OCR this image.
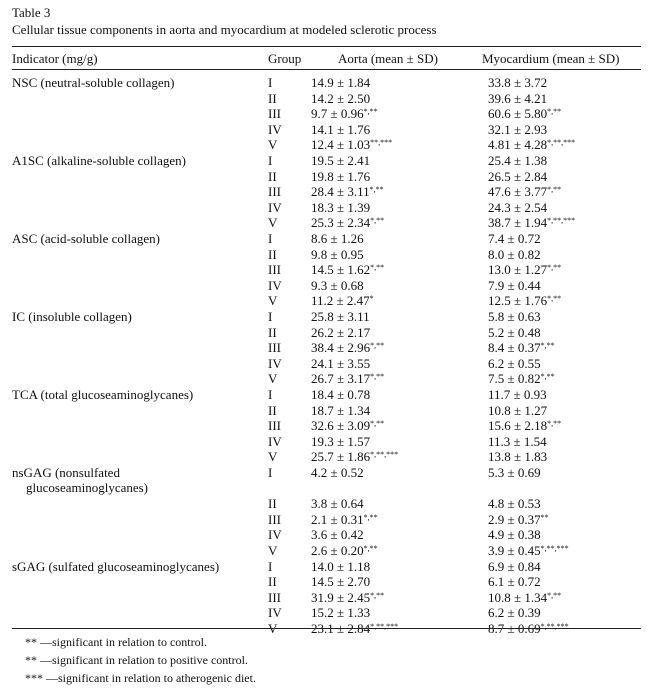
Table 3
Cellular tissue components in aorta and myocardium at modeled sclerotic process
Indicator (mg/g)	Group	Aorta (mean ± SD)	Myocardium (mean ± SD)
NSC (neutral-soluble collagen)	I	14.9 ± 1.84	33.8 ± 3.72
II	14.2 ± 2.50	39.6 ± 4.21
III 9.7 ± 0.96*,**	60.6 ± 5.80*,**
IV 14.1 ± 1.76	32.1 ± 2.93
V	12.4 ± 1.03**,***	4.81 ± 4.28*,**,***
A1SC (alkaline-soluble collagen)	I	19.5 ± 2.41	25.4 ± 1.38
II	19.8 ± 1.76	26.5 ± 2.84
III 28.4 ± 3.11*,**	47.6 ± 3.77*,**
IV 18.3 ± 1.39	24.3 ± 2.54
V	25.3 ± 2.34*,**	38.7 ± 1.94*,**,***
ASC (acid-soluble collagen)	I	8.6 ± 1.26	7.4 ± 0.72
II	9.8 ± 0.95	8.0 ± 0.82
III 14.5 ± 1.62*,**	13.0 ± 1.27*,**
IV 9.3 ± 0.68	7.9 ± 0.44
V	11.2 ± 2.47*	12.5 ± 1.76*,**
IC (insoluble collagen)	I	25.8 ± 3.11	5.8 ± 0.63
II	26.2 ± 2.17	5.2 ± 0.48
III 38.4 ± 2.96*,**	8.4 ± 0.37*,**
IV 24.1 ± 3.55	6.2 ± 0.55
V	26.7 ± 3.17*,**	7.5 ± 0.82*,**
TCA (total glucoseaminoglycanes)	I	18.4 ± 0.78	11.7 ± 0.93
II	18.7 ± 1.34	10.8 ± 1.27
III 32.6 ± 3.09*,**	15.6 ± 2.18*,**
IV 19.3 ± 1.57	11.3 ± 1.54
V	25.7 ± 1.86*,**,***	13.8 ± 1.83
nsGAG (nonsulfated
glucoseaminoglycanes)
I	4.2 ± 0.52	5.3 ± 0.69
II	3.8 ± 0.64	4.8 ± 0.53
III 2.1 ± 0.31*,**	2.9 ± 0.37**
IV 3.6 ± 0.42	4.9 ± 0.38
V	2.6 ± 0.20*,**	3.9 ± 0.45*,**,***
sGAG (sulfated glucoseaminoglycanes)	I	14.0 ± 1.18	6.9 ± 0.84
II	14.5 ± 2.70	6.1 ± 0.72
III 31.9 ± 2.45*,**	10.8 ± 1.34*,**
IV 15.2 ± 1.33	6.2 ± 0.39
V	23.1 ± 2.84*,**,***	8.7 ± 0.69*,**,***
** —significant in relation to control.
** —significant in relation to positive control.
*** —significant in relation to atherogenic diet.
